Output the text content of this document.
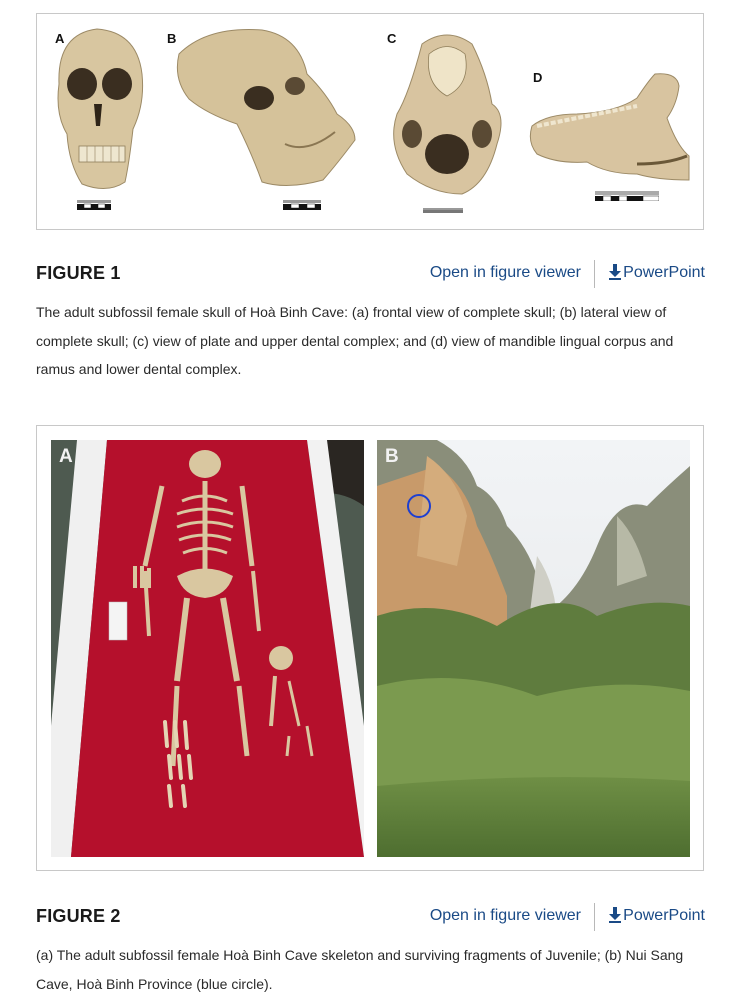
A	B	C
D
FIGURE 1	Open in figure viewer	PowerPoint
The adult subfossil female skull of Hoà Binh Cave: (a) frontal view of complete skull; (b) lateral view of complete skull; (c) view of plate and upper dental complex; and (d) view of mandible lingual corpus and ramus and lower dental complex.
A	B
FIGURE 2	Open in figure viewer	PowerPoint
(a) The adult subfossil female Hoà Binh Cave skeleton and surviving fragments of Juvenile; (b) Nui Sang Cave, Hoà Binh Province (blue circle).
